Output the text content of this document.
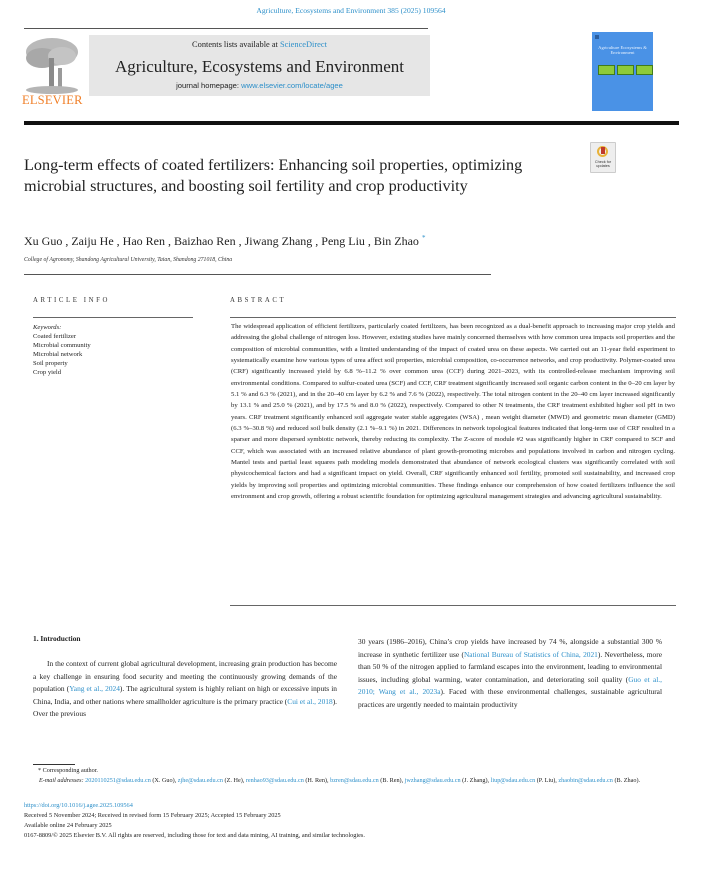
Agriculture, Ecosystems and Environment 385 (2025) 109564
ELSEVIER
Contents lists available at ScienceDirect
Agriculture, Ecosystems and Environment
journal homepage: www.elsevier.com/locate/agee
Agriculture Ecosystems & Environment
Check for updates
Long-term effects of coated fertilizers: Enhancing soil properties, optimizing microbial structures, and boosting soil fertility and crop productivity
Xu Guo , Zaiju He , Hao Ren , Baizhao Ren , Jiwang Zhang , Peng Liu , Bin Zhao *
College of Agronomy, Shandong Agricultural University, Taian, Shandong 271018, China
ARTICLE INFO	ABSTRACT
Keywords:
Coated fertilizer
Microbial community
Microbial network
Soil property
Crop yield

The widespread application of efficient fertilizers, particularly coated fertilizers, has been recognized as a dual-benefit approach to increasing major crop yields and addressing the global challenge of nitrogen loss. However, existing studies have mainly concerned themselves with how common urea impacts soil properties and the composition of microbial communities, with a limited understanding of the impact of coated urea on these aspects. We carried out an 11-year field experiment to systematically examine how various types of urea affect soil properties, microbial composition, co-occurrence networks, and crop productivity. Polymer-coated urea (CRF) significantly increased yield by 6.8 %–11.2 % over common urea (CCF) during 2021–2023, with its controlled-release mechanism improving soil environmental conditions. Compared to sulfur-coated urea (SCF) and CCF, CRF treatment significantly increased soil organic carbon content in the 0–20 cm layer by 5.1 % and 6.3 % (2021), and in the 20–40 cm layer by 6.2 % and 7.6 % (2022), respectively. The total nitrogen content in the 20–40 cm layer increased significantly by 13.1 % and 25.0 % (2021), and by 17.5 % and 8.0 % (2022), respectively. Compared to other N treatments, the CRF treatment exhibited higher soil pH in two years. CRF treatment significantly enhanced soil aggregate water stable aggregates (WSA) , mean weight diameter (MWD) and geometric mean diameter (GMD) (6.3 %–30.8 %) and reduced soil bulk density (2.1 %–9.1 %) in 2021. Differences in network topological features indicated that long-term use of CRF resulted in a sparser and more dispersed symbiotic network, thereby reducing its complexity. The Z-score of module #2 was significantly higher in CRF compared to SCF and CCF, which was associated with an increased relative abundance of plant growth-promoting microbes and populations involved in carbon and nitrogen cycling. Mantel tests and partial least squares path modeling models demonstrated that abundance of network ecological clusters was significantly correlated with soil physicochemical factors and had a significant impact on yield. Overall, CRF significantly enhanced soil fertility, promoted soil sustainability, and increased crop yields by improving soil properties and optimizing microbial communities. These findings enhance our comprehension of how coated fertilizers influence the soil environment and crop growth, offering a robust scientific foundation for optimizing agricultural management strategies and advancing agricultural sustainability.

1. Introduction

In the context of current global agricultural development, increasing grain production has become a key challenge in ensuring food security and meeting the continuously growing demands of the population (Yang et al., 2024). The agricultural system is highly reliant on high or excessive inputs in China, India, and other nations where smallholder agriculture is the primary practice (Cui et al., 2018). Over the previous

30 years (1986–2016), China’s crop yields have increased by 74 %, alongside a substantial 300 % increase in synthetic fertilizer use (National Bureau of Statistics of China, 2021). Nevertheless, more than 50 % of the nitrogen applied to farmland escapes into the environment, leading to environmental issues, including global warming, water contamination, and deteriorating soil quality (Guo et al., 2010; Wang et al., 2023a). Faced with these environmental challenges, sustainable agricultural practices are urgently needed to maintain productivity

* Corresponding author.
E-mail addresses: 2020110251@sdau.edu.cn (X. Guo), zjhe@sdau.edu.cn (Z. He), renhao93@sdau.edu.cn (H. Ren), bzren@sdau.edu.cn (B. Ren), jwzhang@sdau.edu.cn (J. Zhang), liup@sdau.edu.cn (P. Liu), zhaobin@sdau.edu.cn (B. Zhao).
https://doi.org/10.1016/j.agee.2025.109564
Received 5 November 2024; Received in revised form 15 February 2025; Accepted 15 February 2025
Available online 24 February 2025
0167-8809/© 2025 Elsevier B.V. All rights are reserved, including those for text and data mining, AI training, and similar technologies.
